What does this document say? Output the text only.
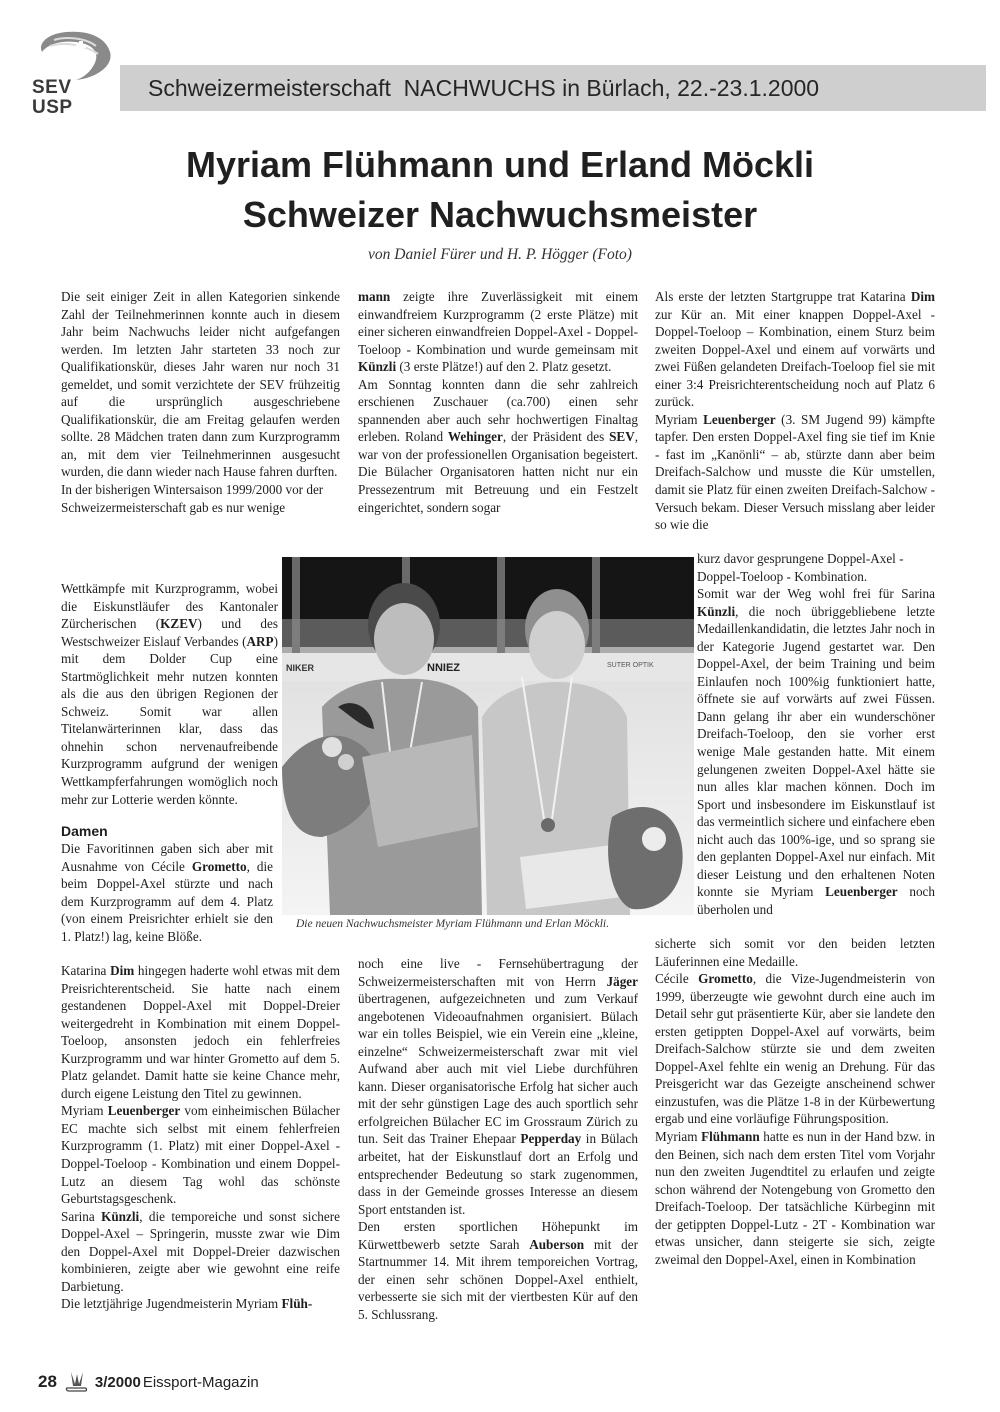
SEV
USP
Schweizermeisterschaft  NACHWUCHS in Bürlach, 22.-23.1.2000
Myriam Flühmann und Erland Möckli
Schweizer Nachwuchsmeister
von Daniel Fürer und H. P. Högger (Foto)

Die seit einiger Zeit in allen Kategorien sinkende Zahl der Teilnehmerinnen konnte auch in diesem Jahr beim Nachwuchs leider nicht aufgefangen werden. Im letzten Jahr starteten 33 noch zur Qualifikationskür, dieses Jahr waren nur noch 31 gemeldet, und somit verzichtete der SEV frühzeitig auf die ursprünglich ausgeschriebene Qualifikationskür, die am Freitag gelaufen werden sollte. 28 Mädchen traten dann zum Kurzprogramm an, mit dem vier Teilnehmerinnen ausgesucht wurden, die dann wieder nach Hause fahren durften.

In der bisherigen Wintersaison 1999/2000 vor der Schweizermeisterschaft gab es nur wenige

Wettkämpfe mit Kurzprogramm, wobei die Eiskunstläufer des Kantonaler Zürcherischen (KZEV) und des Westschweizer Eislauf Verbandes (ARP) mit dem Dolder Cup eine Startmöglichkeit mehr nutzen konnten als die aus den übrigen Regionen der Schweiz. Somit war allen Titelanwärterinnen klar, dass das ohnehin schon nervenaufreibende Kurzprogramm aufgrund der wenigen Wettkampferfahrungen womöglich noch mehr zur Lotterie werden könnte.

Damen

Die Favoritinnen gaben sich aber mit Ausnahme von Cécile Grometto, die beim Doppel-Axel stürzte und nach dem Kurzprogramm auf dem 4. Platz (von einem Preisrichter erhielt sie den 1. Platz!) lag, keine Blöße.

Katarina Dim hingegen haderte wohl etwas mit dem Preisrichterentscheid. Sie hatte nach einem gestandenen Doppel-Axel mit Doppel-Dreier weitergedreht in Kombination mit einem Doppel-Toeloop, ansonsten jedoch ein fehlerfreies Kurzprogramm und war hinter Grometto auf dem 5. Platz gelandet. Damit hatte sie keine Chance mehr, durch eigene Leistung den Titel zu gewinnen.

Myriam Leuenberger vom einheimischen Bülacher EC machte sich selbst mit einem fehlerfreien Kurzprogramm (1. Platz) mit einer Doppel-Axel - Doppel-Toeloop - Kombination und einem Doppel-Lutz an diesem Tag wohl das schönste Geburtstagsgeschenk.

Sarina Künzli, die temporeiche und sonst sichere Doppel-Axel – Springerin, musste zwar wie Dim den Doppel-Axel mit Doppel-Dreier dazwischen kombinieren, zeigte aber wie gewohnt eine reife Darbietung.

Die letztjährige Jugendmeisterin Myriam Flüh-

mann zeigte ihre Zuverlässigkeit mit einem einwandfreiem Kurzprogramm (2 erste Plätze) mit einer sicheren einwandfreien Doppel-Axel - Doppel-Toeloop - Kombination und wurde gemeinsam mit Künzli (3 erste Plätze!) auf den 2. Platz gesetzt.

Am Sonntag konnten dann die sehr zahlreich erschienen Zuschauer (ca.700) einen sehr spannenden aber auch sehr hochwertigen Finaltag erleben. Roland Wehinger, der Präsident des SEV, war von der professionellen Organisation begeistert. Die Bülacher Organisatoren hatten nicht nur ein Pressezentrum mit Betreuung und ein Festzelt eingerichtet, sondern sogar

noch eine live - Fernsehübertragung der Schweizermeisterschaften mit von Herrn Jäger übertragenen, aufgezeichneten und zum Verkauf angebotenen Videoaufnahmen organisiert. Bülach war ein tolles Beispiel, wie ein Verein eine „kleine, einzelne“ Schweizermeisterschaft zwar mit viel Aufwand aber auch mit viel Liebe durchführen kann. Dieser organisatorische Erfolg hat sicher auch mit der sehr günstigen Lage des auch sportlich sehr erfolgreichen Bülacher EC im Grossraum Zürich zu tun. Seit das Trainer Ehepaar Pepperday in Bülach arbeitet, hat der Eiskunstlauf dort an Erfolg und entsprechender Bedeutung so stark zugenommen, dass in der Gemeinde grosses Interesse an diesem Sport entstanden ist.

Den ersten sportlichen Höhepunkt im Kürwettbewerb setzte Sarah Auberson mit der Startnummer 14. Mit ihrem temporeichen Vortrag, der einen sehr schönen Doppel-Axel enthielt, verbesserte sie sich mit der viertbesten Kür auf den 5. Schlussrang.

Als erste der letzten Startgruppe trat Katarina Dim zur Kür an. Mit einer knappen Doppel-Axel - Doppel-Toeloop – Kombination, einem Sturz beim zweiten Doppel-Axel und einem auf vorwärts und zwei Füßen gelandeten Dreifach-Toeloop fiel sie mit einer 3:4 Preisrichterentscheidung noch auf Platz 6 zurück.

Myriam Leuenberger (3. SM Jugend 99) kämpfte tapfer. Den ersten Doppel-Axel fing sie tief im Knie - fast im „Kanönli“ – ab, stürzte dann aber beim Dreifach-Salchow und musste die Kür umstellen, damit sie Platz für einen zweiten Dreifach-Salchow - Versuch bekam. Dieser Versuch misslang aber leider so wie die

kurz davor gesprungene Doppel-Axel - Doppel-Toeloop - Kombination.

Somit war der Weg wohl frei für Sarina Künzli, die noch übriggebliebene letzte Medaillenkandidatin, die letztes Jahr noch in der Kategorie Jugend gestartet war. Den Doppel-Axel, der beim Training und beim Einlaufen noch 100%ig funktioniert hatte, öffnete sie auf vorwärts auf zwei Füssen. Dann gelang ihr aber ein wunderschöner Dreifach-Toeloop, den sie vorher erst wenige Male gestanden hatte. Mit einem gelungenen zweiten Doppel-Axel hätte sie nun alles klar machen können. Doch im Sport und insbesondere im Eiskunstlauf ist das vermeintlich sichere und einfachere eben nicht auch das 100%-ige, und so sprang sie den geplanten Doppel-Axel nur einfach. Mit dieser Leistung und den erhaltenen Noten konnte sie Myriam Leuenberger noch überholen und

sicherte sich somit vor den beiden letzten Läuferinnen eine Medaille.

Cécile Grometto, die Vize-Jugendmeisterin von 1999, überzeugte wie gewohnt durch eine auch im Detail sehr gut präsentierte Kür, aber sie landete den ersten getippten Doppel-Axel auf vorwärts, beim Dreifach-Salchow stürzte sie und dem zweiten Doppel-Axel fehlte ein wenig an Drehung. Für das Preisgericht war das Gezeigte anscheinend schwer einzustufen, was die Plätze 1-8 in der Kürbewertung ergab und eine vorläufige Führungsposition.

Myriam Flühmann hatte es nun in der Hand bzw. in den Beinen, sich nach dem ersten Titel vom Vorjahr nun den zweiten Jugendtitel zu erlaufen und zeigte schon während der Notengebung von Grometto den Dreifach-Toeloop. Der tatsächliche Kürbeginn mit der getippten Doppel-Lutz - 2T - Kombination war etwas unsicher, dann steigerte sie sich, zeigte zweimal den Doppel-Axel, einen in Kombination

NIKER	NNIEZ	SUTER OPTIK
Die neuen Nachwuchsmeister Myriam Flühmann und Erlan Möckli.
28	3/2000 Eissport-Magazin
